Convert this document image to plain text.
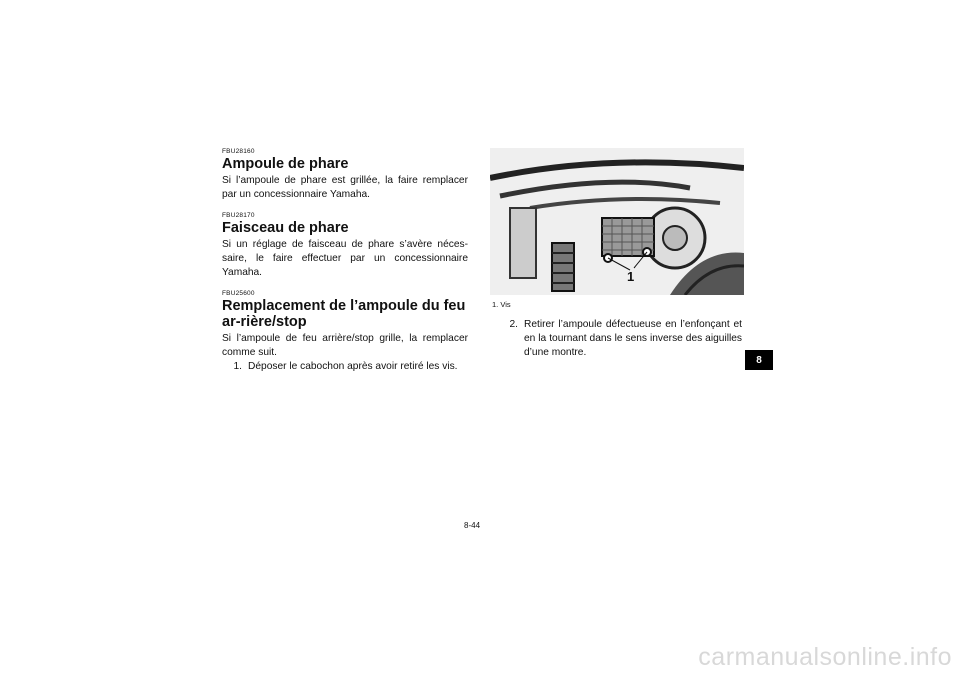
FBU28160

Ampoule de phare

Si l’ampoule de phare est grillée, la faire remplacer par un concessionnaire Yamaha.

FBU28170

Faisceau de phare

Si un réglage de faisceau de phare s’avère néces-saire, le faire effectuer par un concessionnaire Yamaha.

FBU25600

Remplacement de l’ampoule du feu ar-rière/stop

Si l’ampoule de feu arrière/stop grille, la remplacer comme suit.

1. Déposer le cabochon après avoir retiré les vis.
1
1. Vis
2. Retirer l’ampoule défectueuse en l’enfonçant et en la tournant dans le sens inverse des aiguilles d’une montre.
8
8-44
carmanualsonline.info
